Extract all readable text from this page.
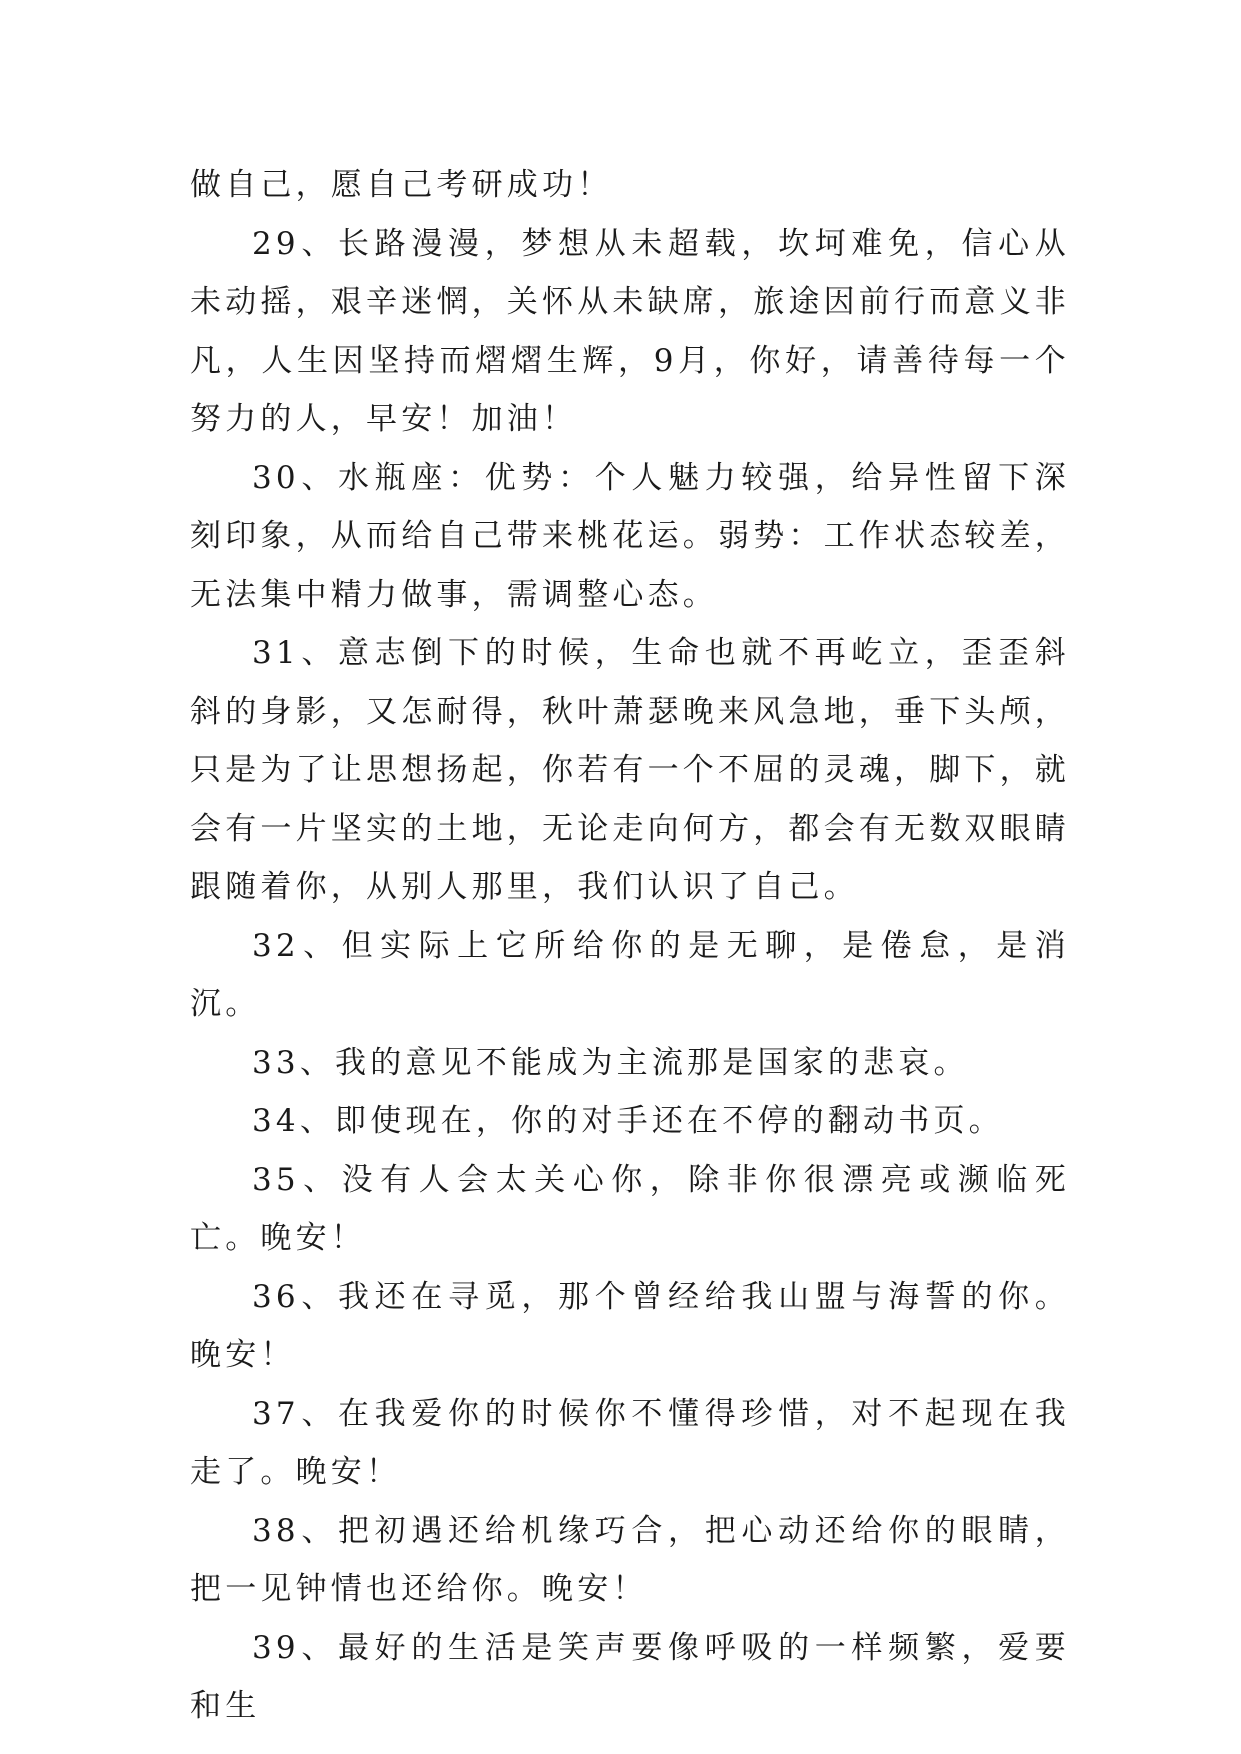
做自己，愿自己考研成功！

29、长路漫漫，梦想从未超载，坎坷难免，信心从未动摇，艰辛迷惘，关怀从未缺席，旅途因前行而意义非凡，人生因坚持而熠熠生辉，9月，你好，请善待每一个努力的人，早安！加油！

30、水瓶座：优势：个人魅力较强，给异性留下深刻印象，从而给自己带来桃花运。弱势：工作状态较差，无法集中精力做事，需调整心态。

31、意志倒下的时候，生命也就不再屹立，歪歪斜斜的身影，又怎耐得，秋叶萧瑟晚来风急地，垂下头颅，只是为了让思想扬起，你若有一个不屈的灵魂，脚下，就会有一片坚实的土地，无论走向何方，都会有无数双眼睛跟随着你，从别人那里，我们认识了自己。

32、但实际上它所给你的是无聊，是倦怠，是消沉。

33、我的意见不能成为主流那是国家的悲哀。

34、即使现在，你的对手还在不停的翻动书页。

35、没有人会太关心你，除非你很漂亮或濒临死亡。晚安！

36、我还在寻觅，那个曾经给我山盟与海誓的你。晚安！

37、在我爱你的时候你不懂得珍惜，对不起现在我走了。晚安！

38、把初遇还给机缘巧合，把心动还给你的眼睛，把一见钟情也还给你。晚安！

39、最好的生活是笑声要像呼吸的一样频繁，爱要和生
